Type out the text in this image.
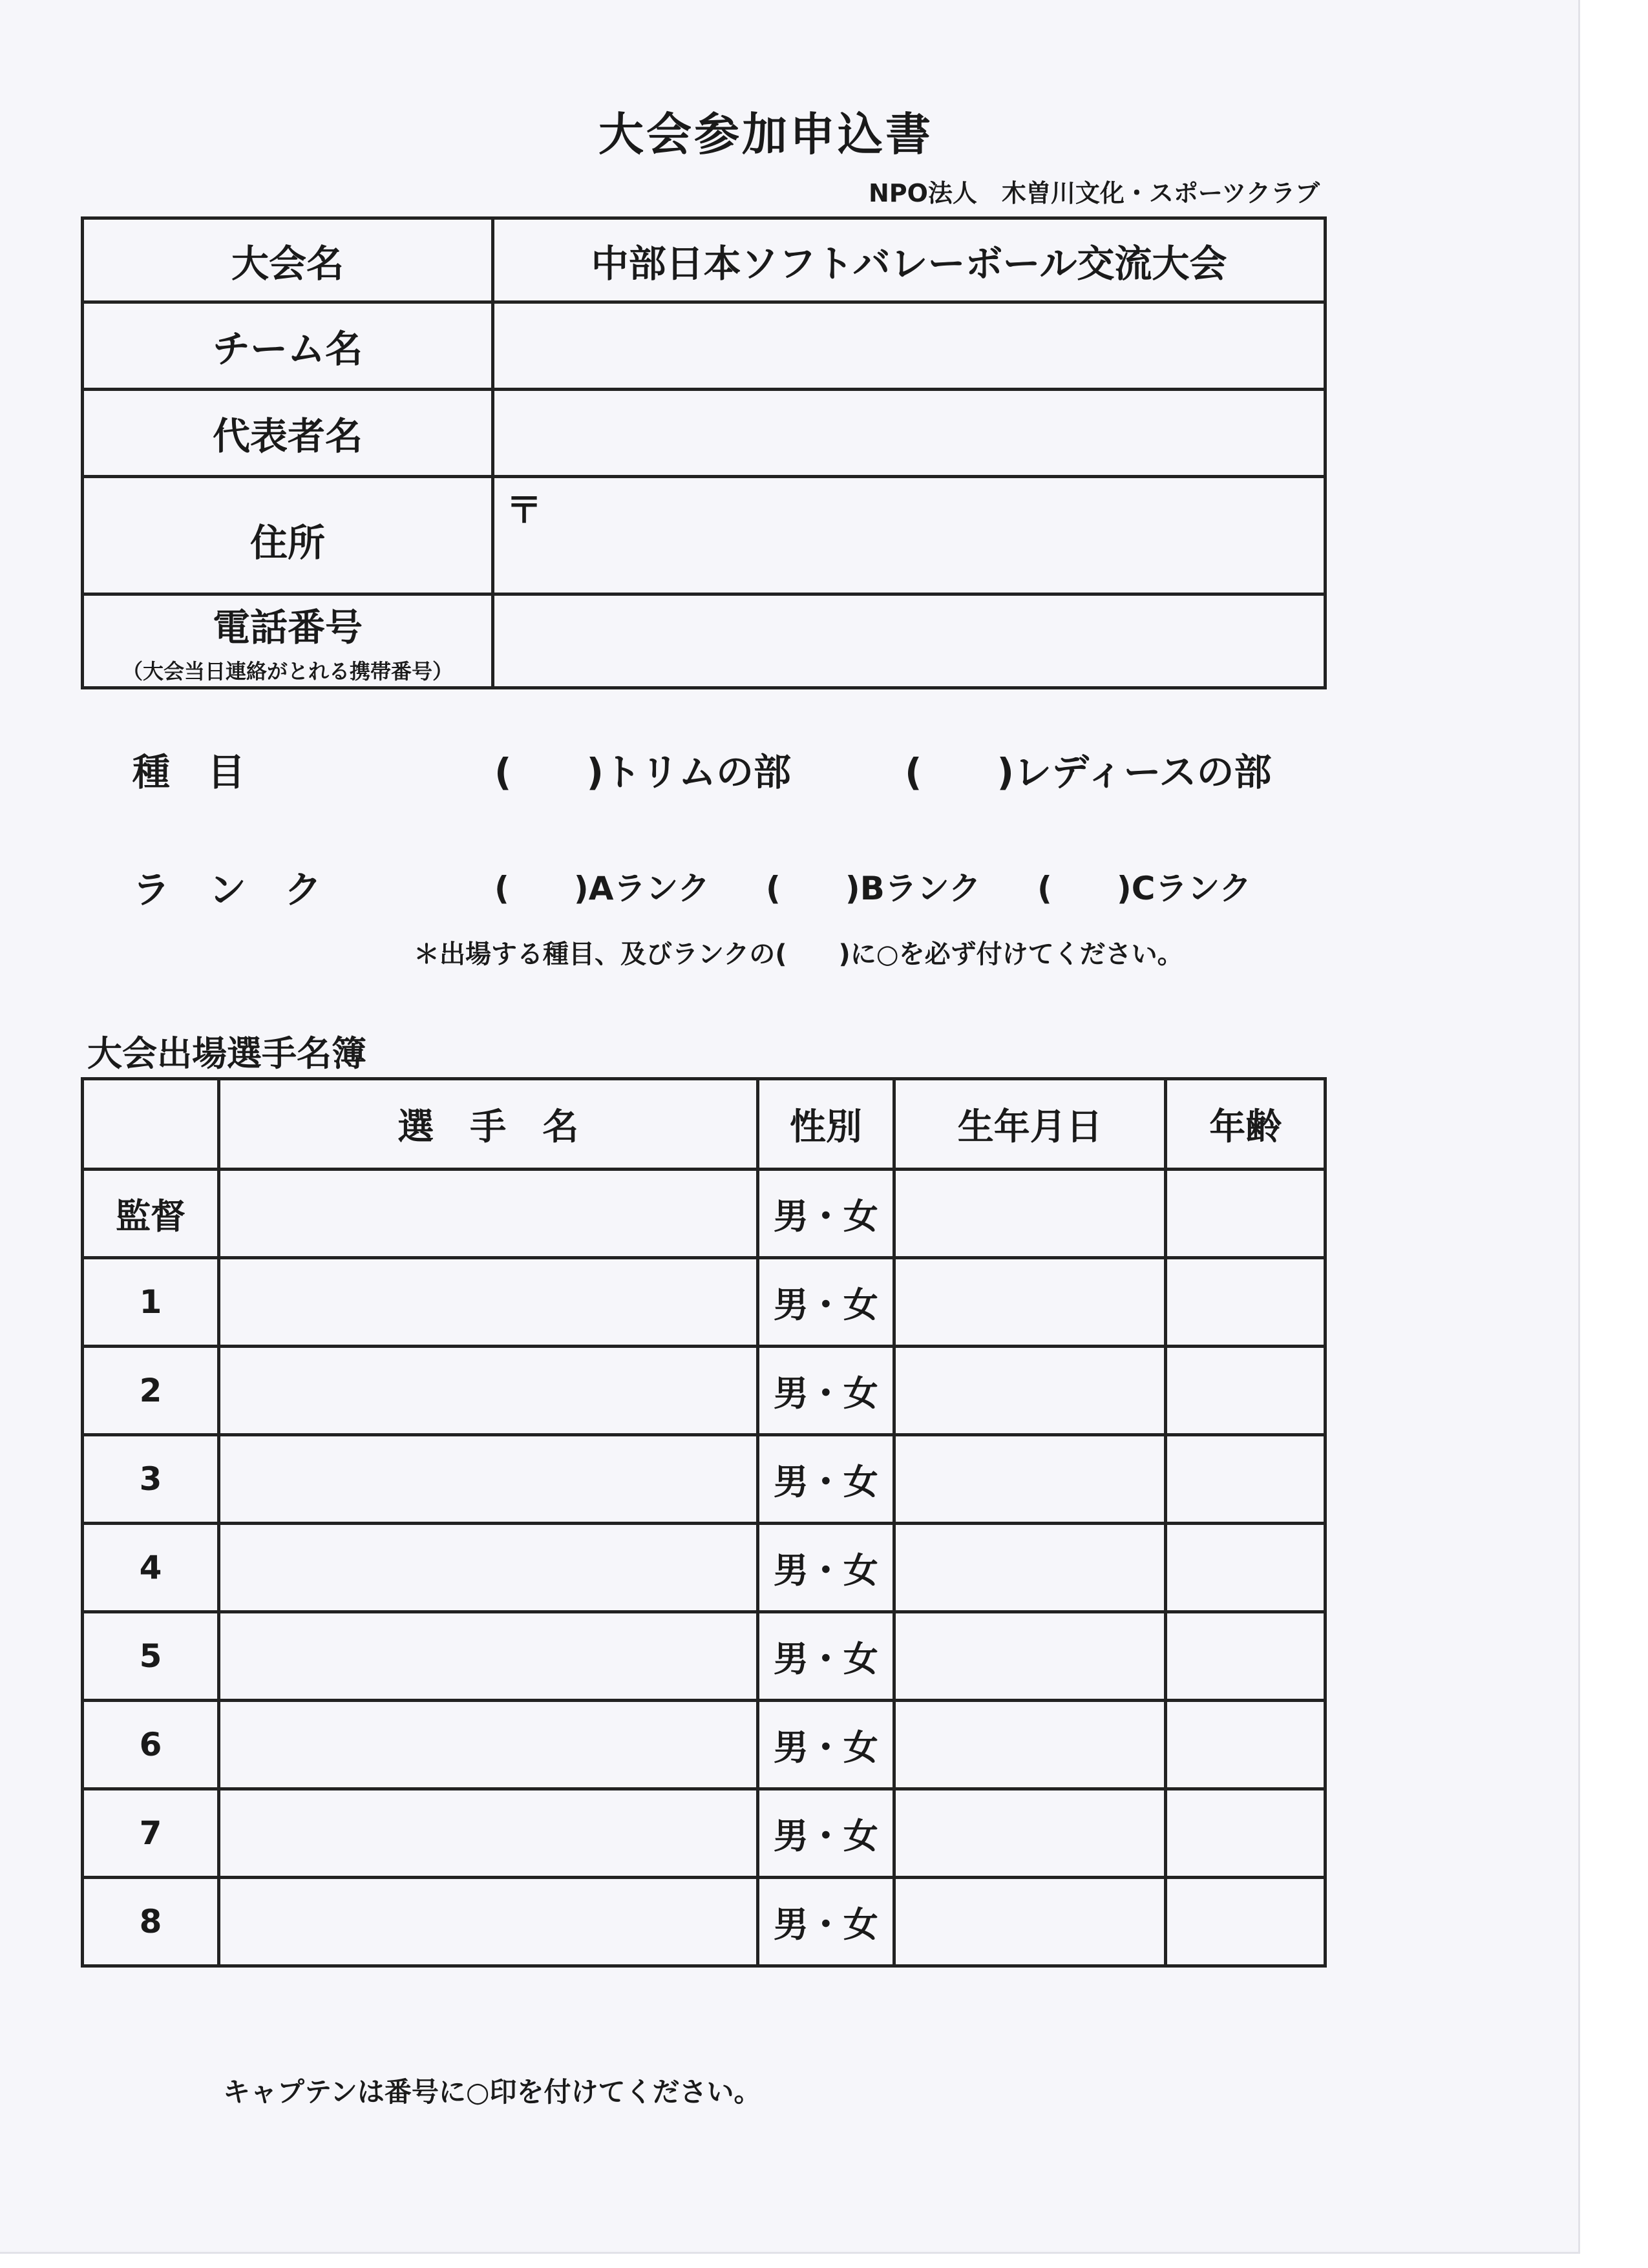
大会参加申込書
NPO法人　木曽川文化・スポーツクラブ
大会名	中部日本ソフトバレーボール交流大会
チーム名	
代表者名	
住所	〒

電話番号
（大会当日連絡がとれる携帯番号）	

種　目	(　　)トリムの部	(　　)レディースの部
ランク	(　　)Aランク (　　)Bランク (　　)Cランク
＊出場する種目、及びランクの(　　)に○を必ず付けてください。
大会出場選手名簿
	選　手　名	性別	生年月日	年齢
監督		男・女		
1		男・女		
2		男・女		
3		男・女		
4		男・女		
5		男・女		
6		男・女		
7		男・女		
8		男・女		
キャプテンは番号に○印を付けてください。
